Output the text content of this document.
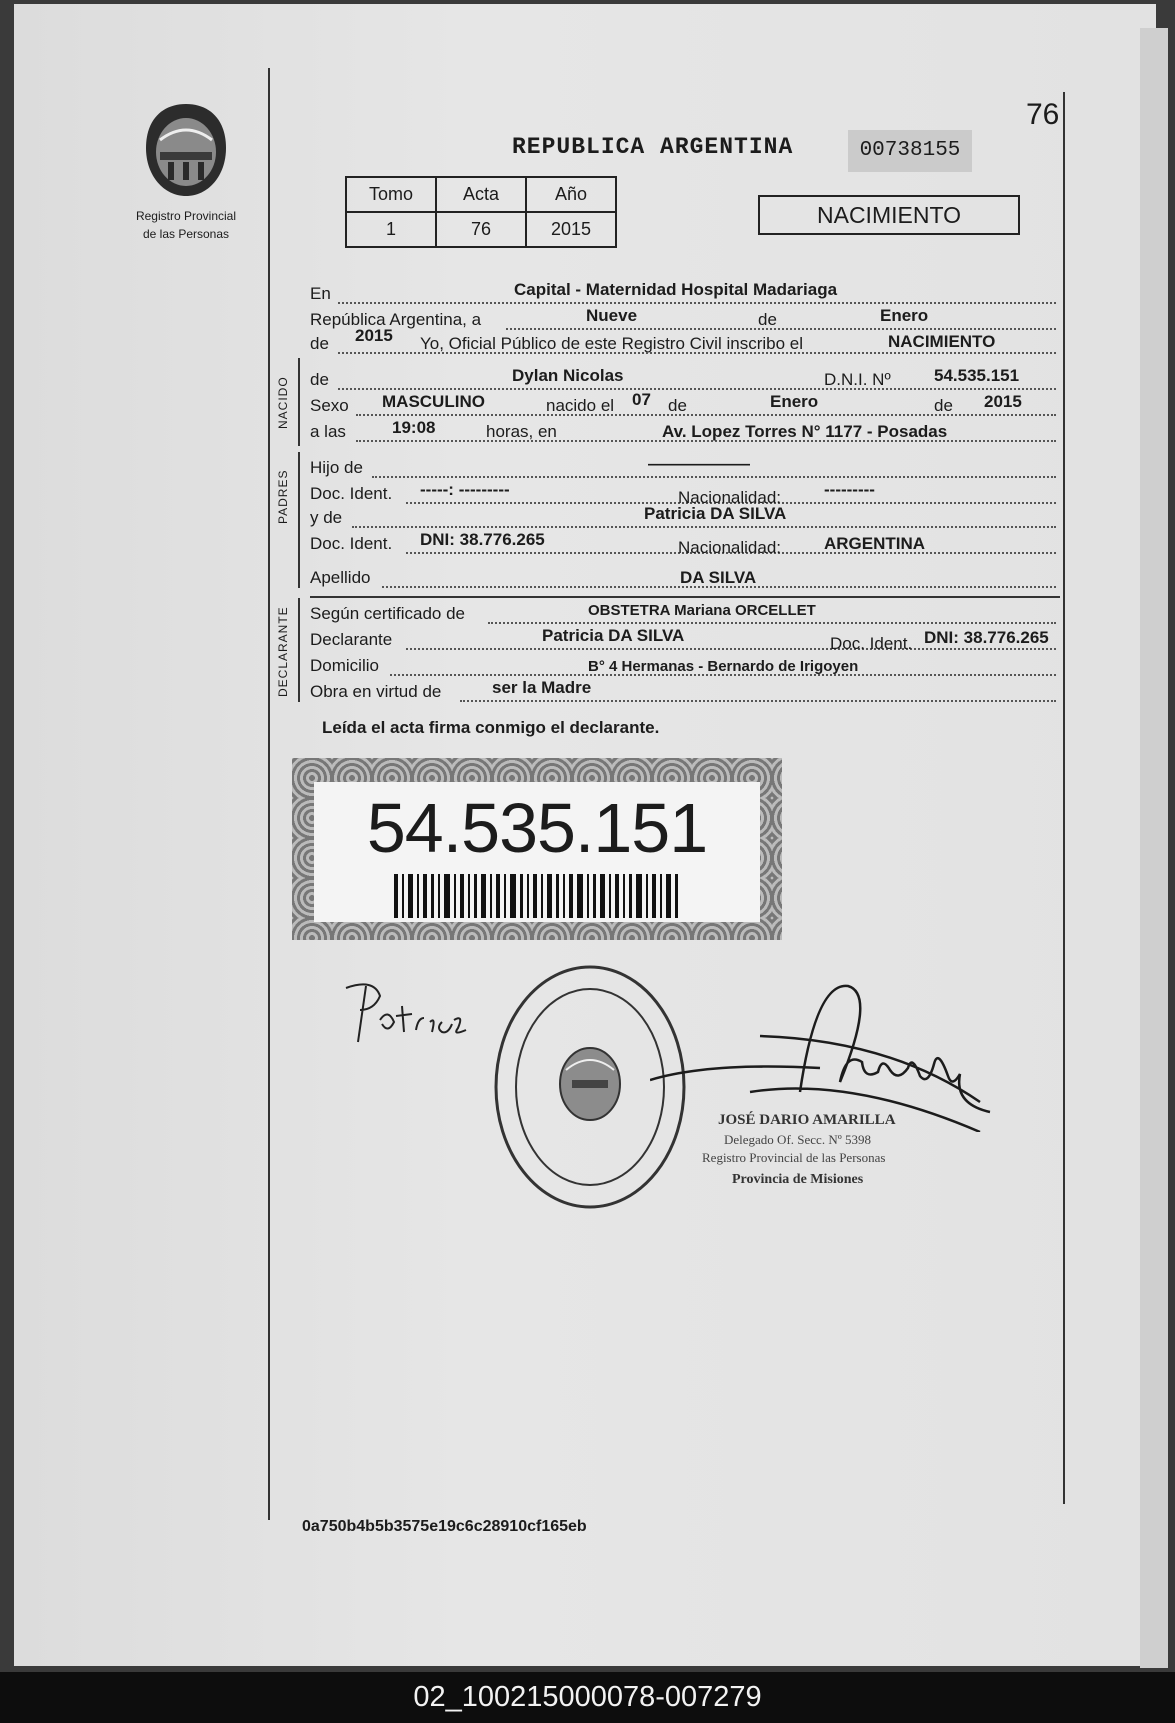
Registro Provincial
de las Personas
76
REPUBLICA ARGENTINA	00738155
Tomo	Acta	Año
1	76	2015
NACIMIENTO
NACIDO
PADRES
DECLARANTE
En	Capital - Maternidad Hospital Madariaga
República Argentina, a	Nueve	de	Enero
de 2015 Yo, Oficial Público de este Registro Civil inscribo el	NACIMIENTO
de	Dylan Nicolas	D.N.I. Nº	54.535.151
Sexo MASCULINO	nacido el 07 de	Enero	de 2015
a las	19:08	horas, en	Av. Lopez Torres N° 1177 - Posadas
Hijo de	——————
Doc. Ident. -----: ---------	Nacionalidad:	---------
y de	Patricia DA SILVA
Doc. Ident. DNI: 38.776.265	Nacionalidad:	ARGENTINA
Apellido	DA SILVA
Según certificado de	OBSTETRA Mariana ORCELLET
Declarante	Patricia DA SILVA	Doc. Ident. DNI: 38.776.265
Domicilio	B° 4 Hermanas - Bernardo de Irigoyen
Obra en virtud de	ser la Madre
Leída el acta firma conmigo el declarante.
54.535.151
JOSÉ DARIO AMARILLA
Delegado Of. Secc. Nº 5398
Registro Provincial de las Personas
Provincia de Misiones
0a750b4b5b3575e19c6c28910cf165eb
02_100215000078-007279
